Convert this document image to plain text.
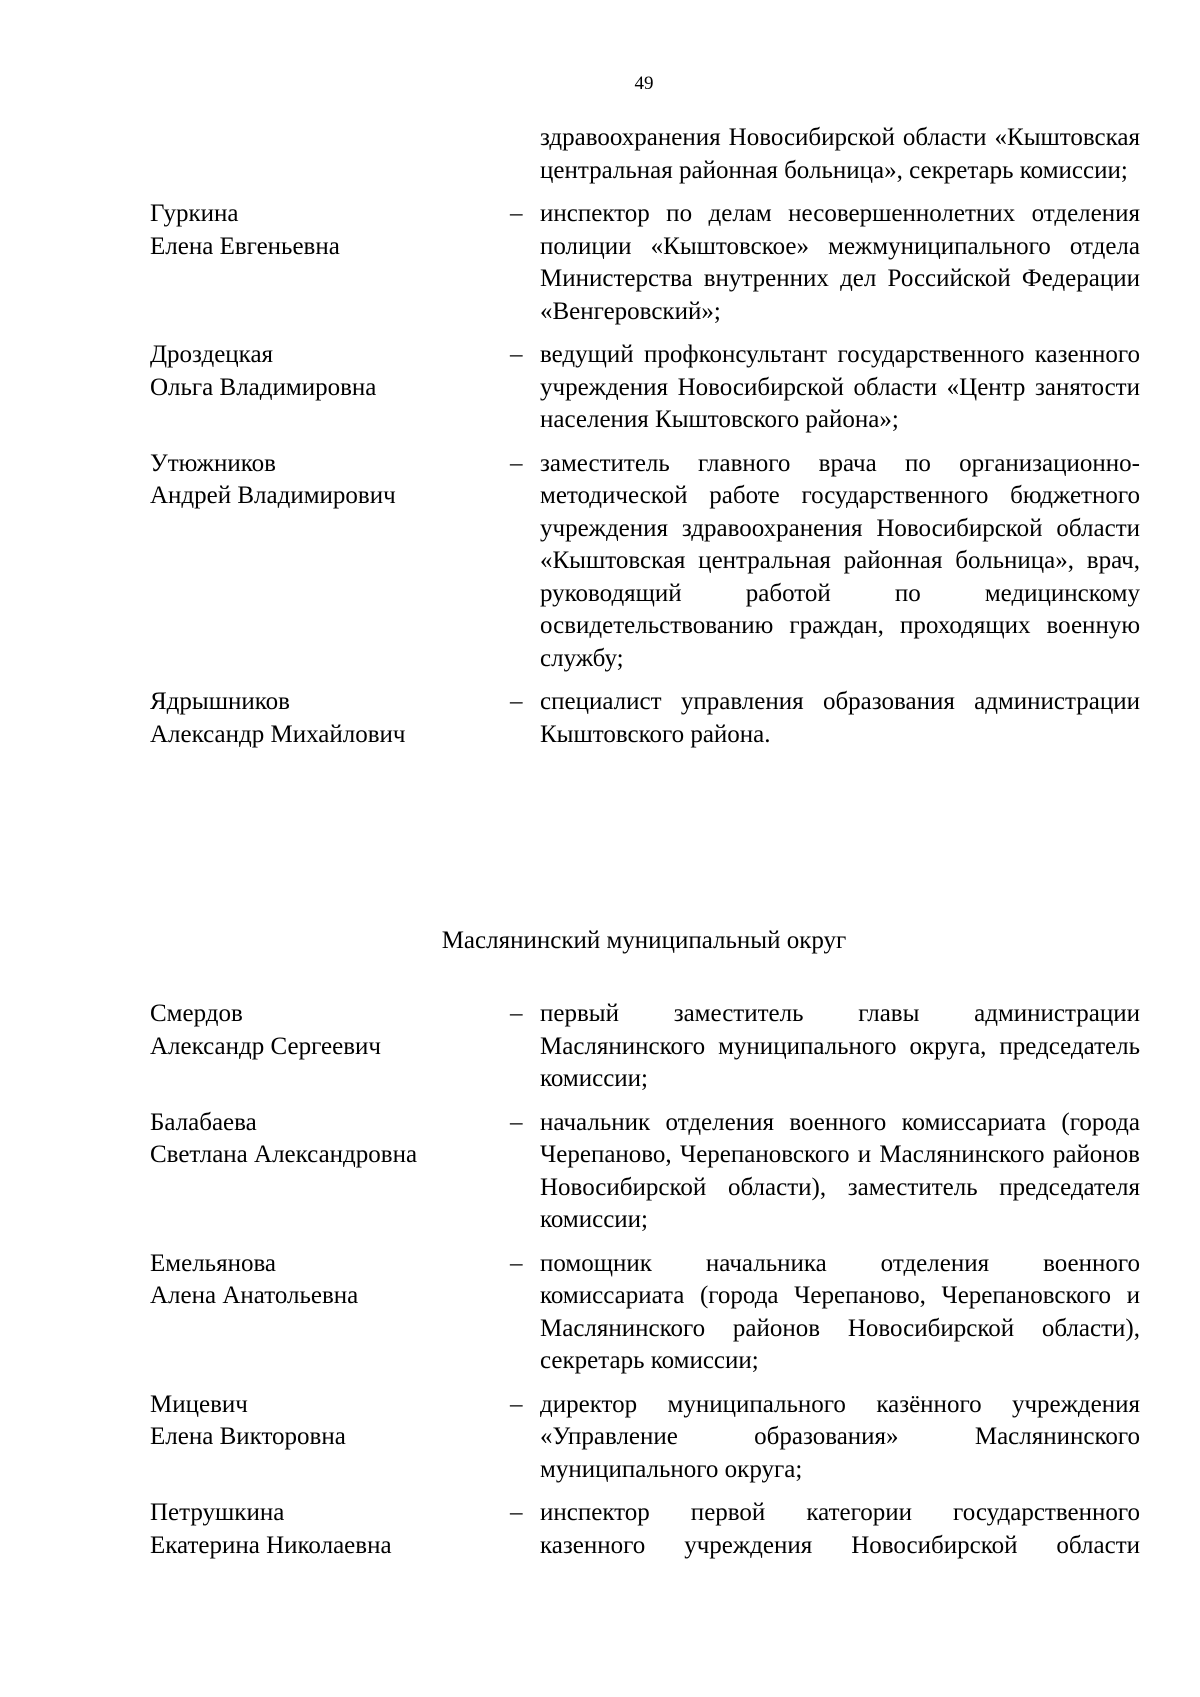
49
здравоохранения Новосибирской области «Кыштовская центральная районная больница», секретарь комиссии;
Гуркина
Елена Евгеньевна
– инспектор по делам несовершеннолетних отделения полиции «Кыштовское» межмуниципального отдела Министерства внутренних дел Российской Федерации «Венгеровский»;
Дроздецкая
Ольга Владимировна
– ведущий профконсультант государственного казенного учреждения Новосибирской области «Центр занятости населения Кыштовского района»;
Утюжников
Андрей Владимирович
– заместитель главного врача по организационно-методической работе государственного бюджетного учреждения здравоохранения Новосибирской области «Кыштовская центральная районная больница», врач, руководящий работой по медицинскому освидетельствованию граждан, проходящих военную службу;
Ядрышников
Александр Михайлович
– специалист управления образования администрации Кыштовского района.
Маслянинский муниципальный округ
Смердов
Александр Сергеевич
– первый заместитель главы администрации Маслянинского муниципального округа, председатель комиссии;
Балабаева
Светлана Александровна
– начальник отделения военного комиссариата (города Черепаново, Черепановского и Маслянинского районов Новосибирской области), заместитель председателя комиссии;
Емельянова
Алена Анатольевна
– помощник начальника отделения военного комиссариата (города Черепаново, Черепановского и Маслянинского районов Новосибирской области), секретарь комиссии;
Мицевич
Елена Викторовна
– директор муниципального казённого учреждения «Управление образования» Маслянинского муниципального округа;
Петрушкина
Екатерина Николаевна
– инспектор первой категории государственного казенного учреждения Новосибирской области
